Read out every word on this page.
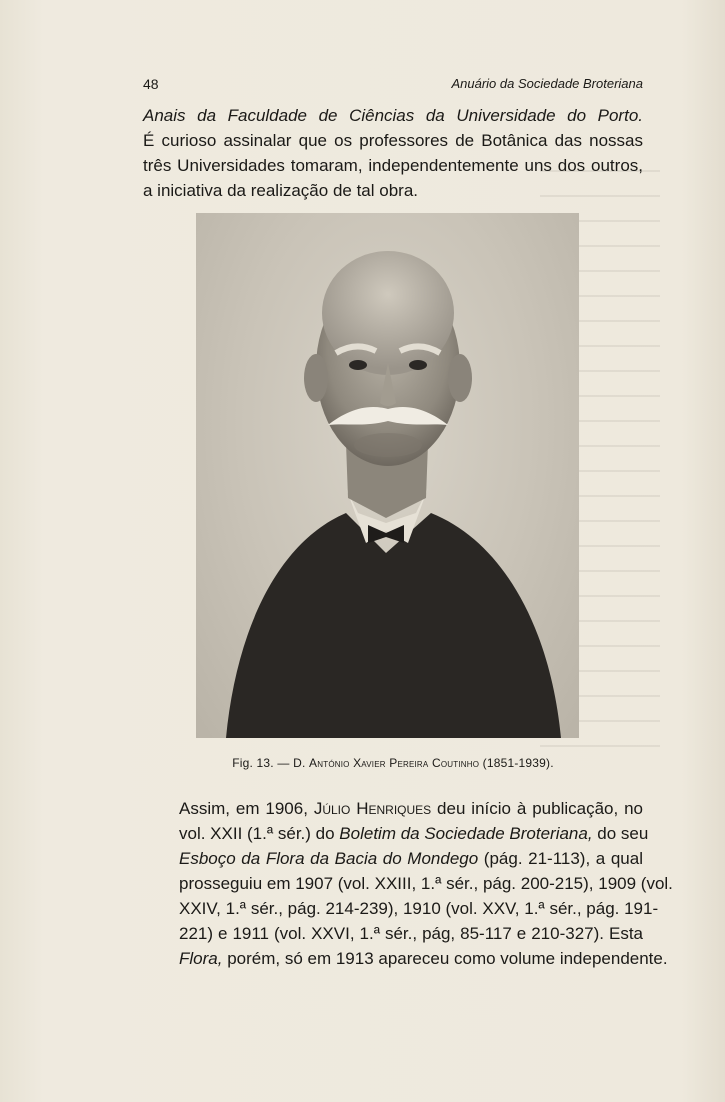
48	Anuário da Sociedade Broteriana
Anais da Faculdade de Ciências da Universidade do Porto.
É curioso assinalar que os professores de Botânica das nossas
três Universidades tomaram, independentemente uns dos outros,
a iniciativa da realização de tal obra.
Fig. 13. — D. António Xavier Pereira Coutinho (1851-1939).
Assim, em 1906, Júlio Henriques deu início à publicação, no
vol. XXII (1.ª sér.) do Boletim da Sociedade Broteriana, do seu
Esboço da Flora da Bacia do Mondego (pág. 21-113), a qual
prosseguiu em 1907 (vol. XXIII, 1.ª sér., pág. 200-215), 1909 (vol.
XXIV, 1.ª sér., pág. 214-239), 1910 (vol. XXV, 1.ª sér., pág. 191-
221) e 1911 (vol. XXVI, 1.ª sér., pág, 85-117 e 210-327). Esta
Flora, porém, só em 1913 apareceu como volume independente.
